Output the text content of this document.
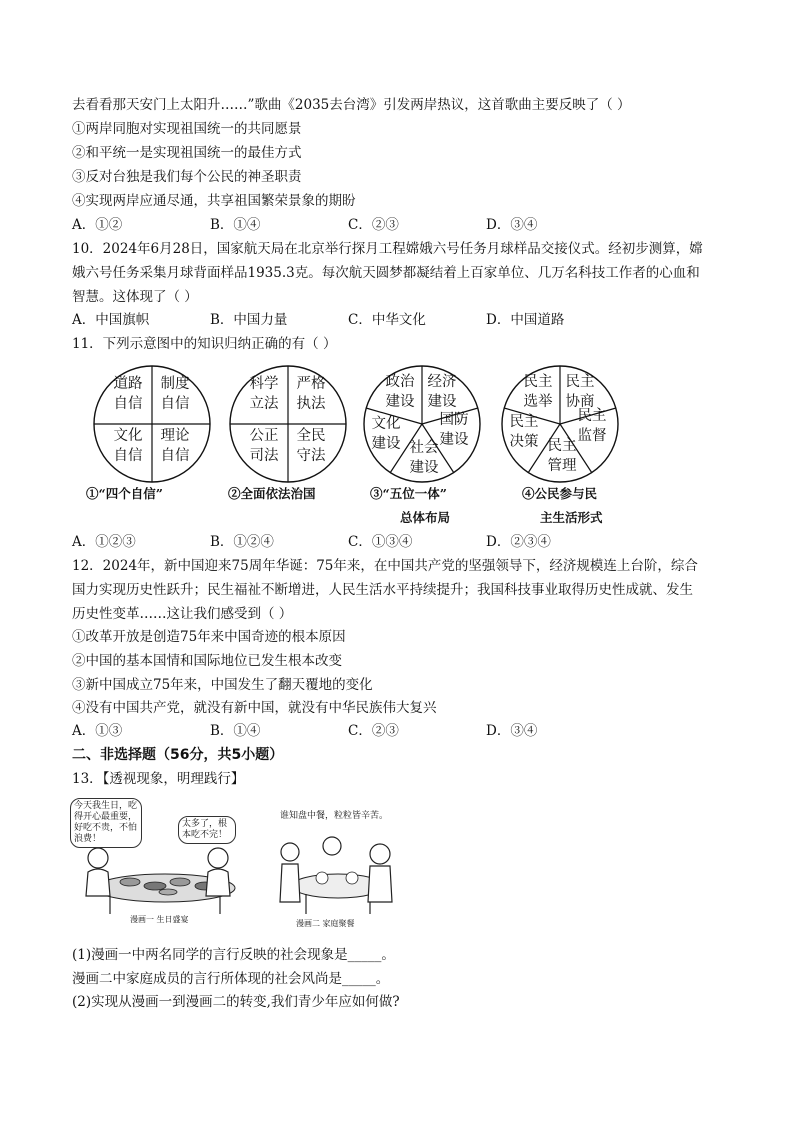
去看看那天安门上太阳升……”歌曲《2035去台湾》引发两岸热议，这首歌曲主要反映了（ ）
①两岸同胞对实现祖国统一的共同愿景
②和平统一是实现祖国统一的最佳方式
③反对台独是我们每个公民的神圣职责
④实现两岸应通尽通，共享祖国繁荣景象的期盼
A．①②	B．①④	C．②③	D．③④
10．2024年6月28日，国家航天局在北京举行探月工程嫦娥六号任务月球样品交接仪式。经初步测算，嫦
娥六号任务采集月球背面样品1935.3克。每次航天圆梦都凝结着上百家单位、几万名科技工作者的心血和
智慧。这体现了（ ）
A．中国旗帜	B．中国力量	C．中华文化	D．中国道路
11．下列示意图中的知识归纳正确的有（ ）
道路
自信
制度
自信
文化
自信
理论
自信
①“四个自信”
科学
立法
严格
执法
公正
司法
全民
守法
②全面依法治国
政治
建设
经济
建设
国防
建设
社会
建设
文化
建设
③“五位一体”
总体布局
民主
选举
民主
协商
民主
监督
民主
管理
民主
决策
④公民参与民
主生活形式
A．①②③	B．①②④	C．①③④	D．②③④
12．2024年，新中国迎来75周年华诞：75年来，在中国共产党的坚强领导下，经济规模连上台阶，综合
国力实现历史性跃升；民生福祉不断增进，人民生活水平持续提升；我国科技事业取得历史性成就、发生
历史性变革……这让我们感受到（ ）
①改革开放是创造75年来中国奇迹的根本原因
②中国的基本国情和国际地位已发生根本改变
③新中国成立75年来，中国发生了翻天覆地的变化
④没有中国共产党，就没有新中国，就没有中华民族伟大复兴
A．①③	B．①④	C．②③	D．③④
二、非选择题（56分，共5小题）
13．【透视现象，明理践行】
今天我生日，吃得开心最重要，好吃不贵，不怕浪费！
太多了，根本吃不完！
漫画一 生日盛宴
谁知盘中餐，粒粒皆辛苦。
漫画二 家庭聚餐
(1)漫画一中两名同学的言行反映的社会现象是_____。
漫画二中家庭成员的言行所体现的社会风尚是_____。
(2)实现从漫画一到漫画二的转变,我们青少年应如何做?
